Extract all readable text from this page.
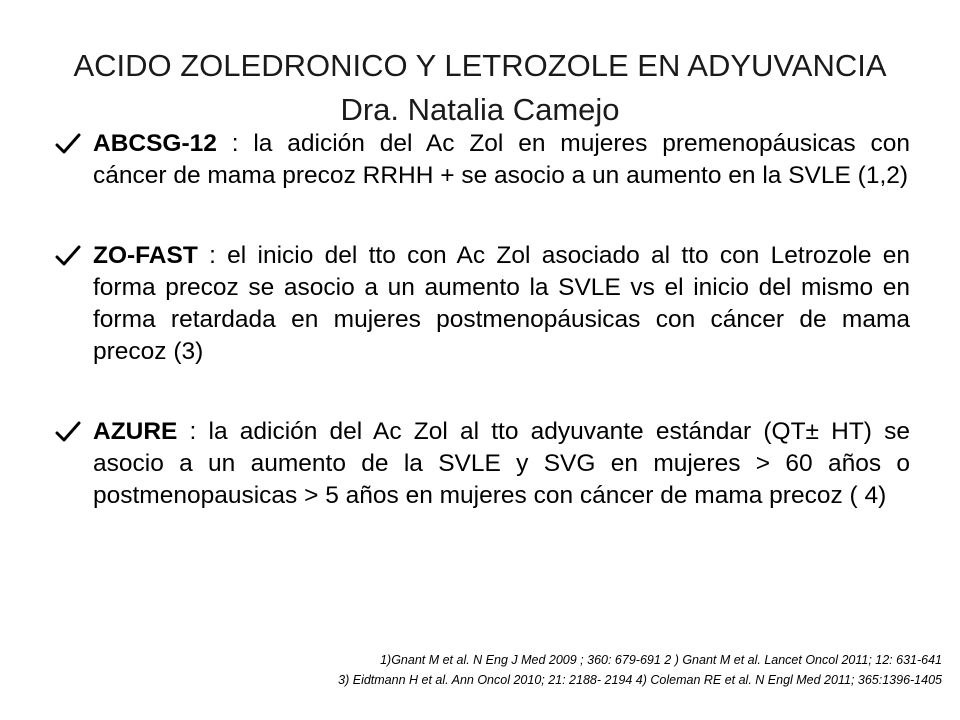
ACIDO ZOLEDRONICO Y LETROZOLE EN ADYUVANCIA
Dra. Natalia Camejo
ABCSG-12 : la adición del Ac Zol en mujeres premenopáusicas con cáncer de mama precoz RRHH + se asocio a un aumento en la SVLE (1,2)
ZO-FAST : el inicio del tto con Ac Zol asociado al tto con Letrozole en forma precoz se asocio a un aumento la SVLE vs el inicio del mismo en forma retardada en mujeres postmenopáusicas con cáncer de mama precoz (3)
AZURE : la adición del Ac Zol al tto adyuvante estándar (QT± HT) se asocio a un aumento de la SVLE y SVG en mujeres > 60 años o postmenopausicas > 5 años en mujeres con cáncer de mama precoz ( 4)
1)Gnant M et al. N Eng J Med 2009 ; 360: 679-691 2 ) Gnant M et al. Lancet Oncol 2011; 12: 631-641
3) Eidtmann H et al. Ann Oncol 2010; 21: 2188- 2194 4) Coleman RE et al. N Engl Med 2011; 365:1396-1405
